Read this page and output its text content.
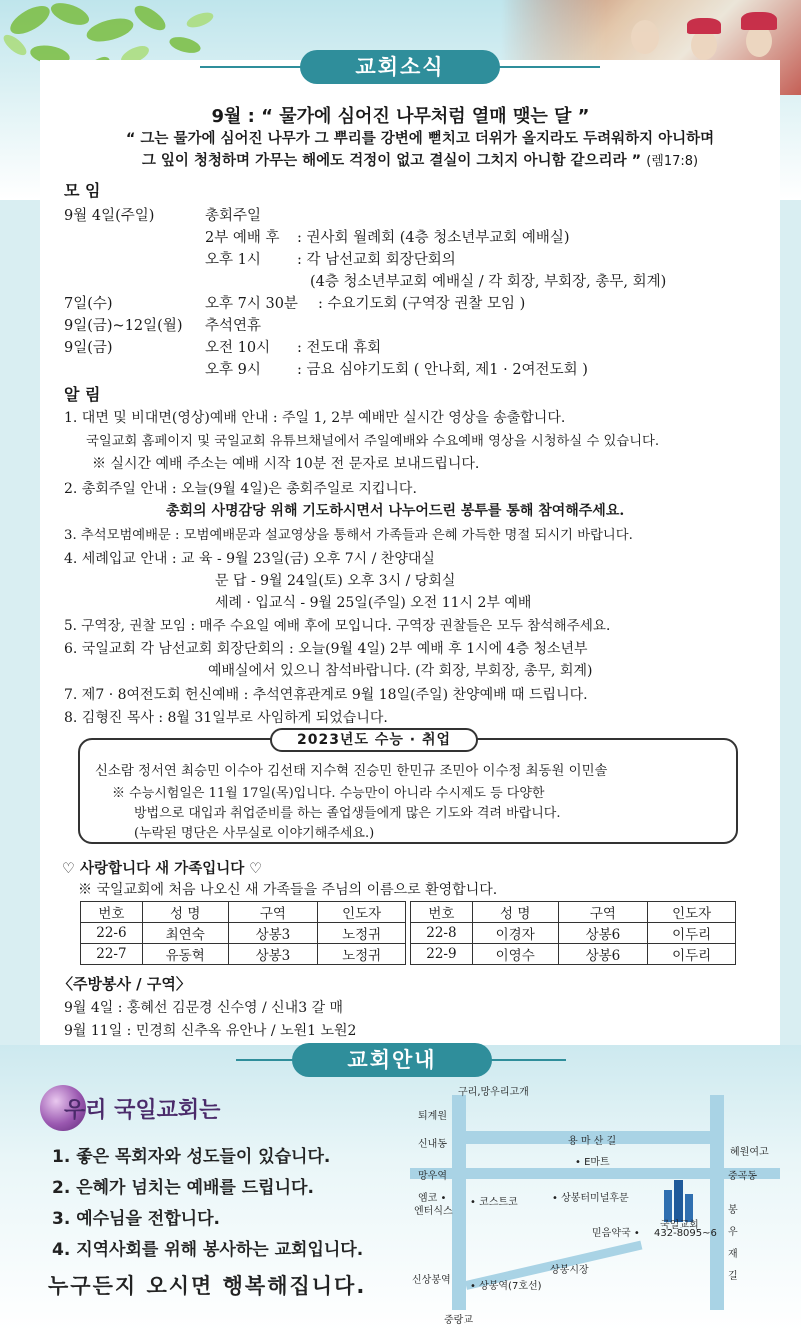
교회소식
9월 : “ 물가에 심어진 나무처럼 열매 맺는 달 ”
“ 그는 물가에 심어진 나무가 그 뿌리를 강변에 뻗치고 더위가 올지라도 두려워하지 아니하며
그 잎이 청청하며 가무는 해에도 걱정이 없고 결실이 그치지 아니함 같으리라 ” (렘17:8)
모 임
9월 4일(주일)	총회주일
2부 예배 후 : 권사회 월례회 (4층 청소년부교회 예배실)
오후 1시 : 각 남선교회 회장단회의
(4층 청소년부교회 예배실 / 각 회장, 부회장, 총무, 회계)
7일(수)	오후 7시 30분 : 수요기도회 (구역장 권찰 모임 )
9일(금)~12일(월) 추석연휴
9일(금)	오전 10시 : 전도대 휴회
오후 9시 : 금요 심야기도회 ( 안나회, 제1 · 2여전도회 )
알 림
1. 대면 및 비대면(영상)예배 안내 : 주일 1, 2부 예배만 실시간 영상을 송출합니다.
국일교회 홈페이지 및 국일교회 유튜브채널에서 주일예배와 수요예배 영상을 시청하실 수 있습니다.
※ 실시간 예배 주소는 예배 시작 10분 전 문자로 보내드립니다.
2. 총회주일 안내 : 오늘(9월 4일)은 총회주일로 지킵니다.
총회의 사명감당 위해 기도하시면서 나누어드린 봉투를 통해 참여해주세요.
3. 추석모범예배문 : 모범예배문과 설교영상을 통해서 가족들과 은혜 가득한 명절 되시기 바랍니다.
4. 세례입교 안내 : 교 육 - 9월 23일(금) 오후 7시 / 찬양대실
문 답 - 9월 24일(토) 오후 3시 / 당회실
세례 · 입교식 - 9월 25일(주일) 오전 11시 2부 예배
5. 구역장, 권찰 모임 : 매주 수요일 예배 후에 모입니다. 구역장 권찰들은 모두 참석해주세요.
6. 국일교회 각 남선교회 회장단회의 : 오늘(9월 4일) 2부 예배 후 1시에 4층 청소년부
예배실에서 있으니 참석바랍니다. (각 회장, 부회장, 총무, 회계)
7. 제7 · 8여전도회 헌신예배 : 추석연휴관계로 9월 18일(주일) 찬양예배 때 드립니다.
8. 김형진 목사 : 8월 31일부로 사임하게 되었습니다.
2023년도 수능 · 취업
신소람 정서연 최승민 이수아 김선태 지수혁 진승민 한민규 조민아 이수정 최동원 이민솔
※ 수능시험일은 11월 17일(목)입니다. 수능만이 아니라 수시제도 등 다양한
방법으로 대입과 취업준비를 하는 졸업생들에게 많은 기도와 격려 바랍니다.
(누락된 명단은 사무실로 이야기해주세요.)
♡ 사랑합니다 새 가족입니다 ♡
※ 국일교회에 처음 나오신 새 가족들을 주님의 이름으로 환영합니다.
번호	성 명	구역	인도자
22-6	최연숙	상봉3	노정귀
22-7	유동혁	상봉3	노정귀
번호	성 명	구역	인도자
22-8	이경자	상봉6	이두리
22-9	이영수	상봉6	이두리
〈주방봉사 / 구역〉
9월 4일 : 홍혜선 김문경 신수영 / 신내3 갈 매
9월 11일 : 민경희 신추옥 유안나 / 노원1 노원2
교회안내
우리 국일교회는
1. 좋은 목회자와 성도들이 있습니다.
2. 은혜가 넘치는 예배를 드립니다.
3. 예수님을 전합니다.
4. 지역사회를 위해 봉사하는 교회입니다.
누구든지 오시면 행복해집니다.
구리,망우리고개
퇴계원
용 마 산 길
신내동
혜원여고
• E마트
망우역	중곡동
엠코 •
엔터식스
• 코스트코	• 상봉터미널후문
국일교회
432-8095~6
믿음약국 •
봉
우
재
길
상봉시장
신상봉역
• 상봉역(7호선)
중랑교
